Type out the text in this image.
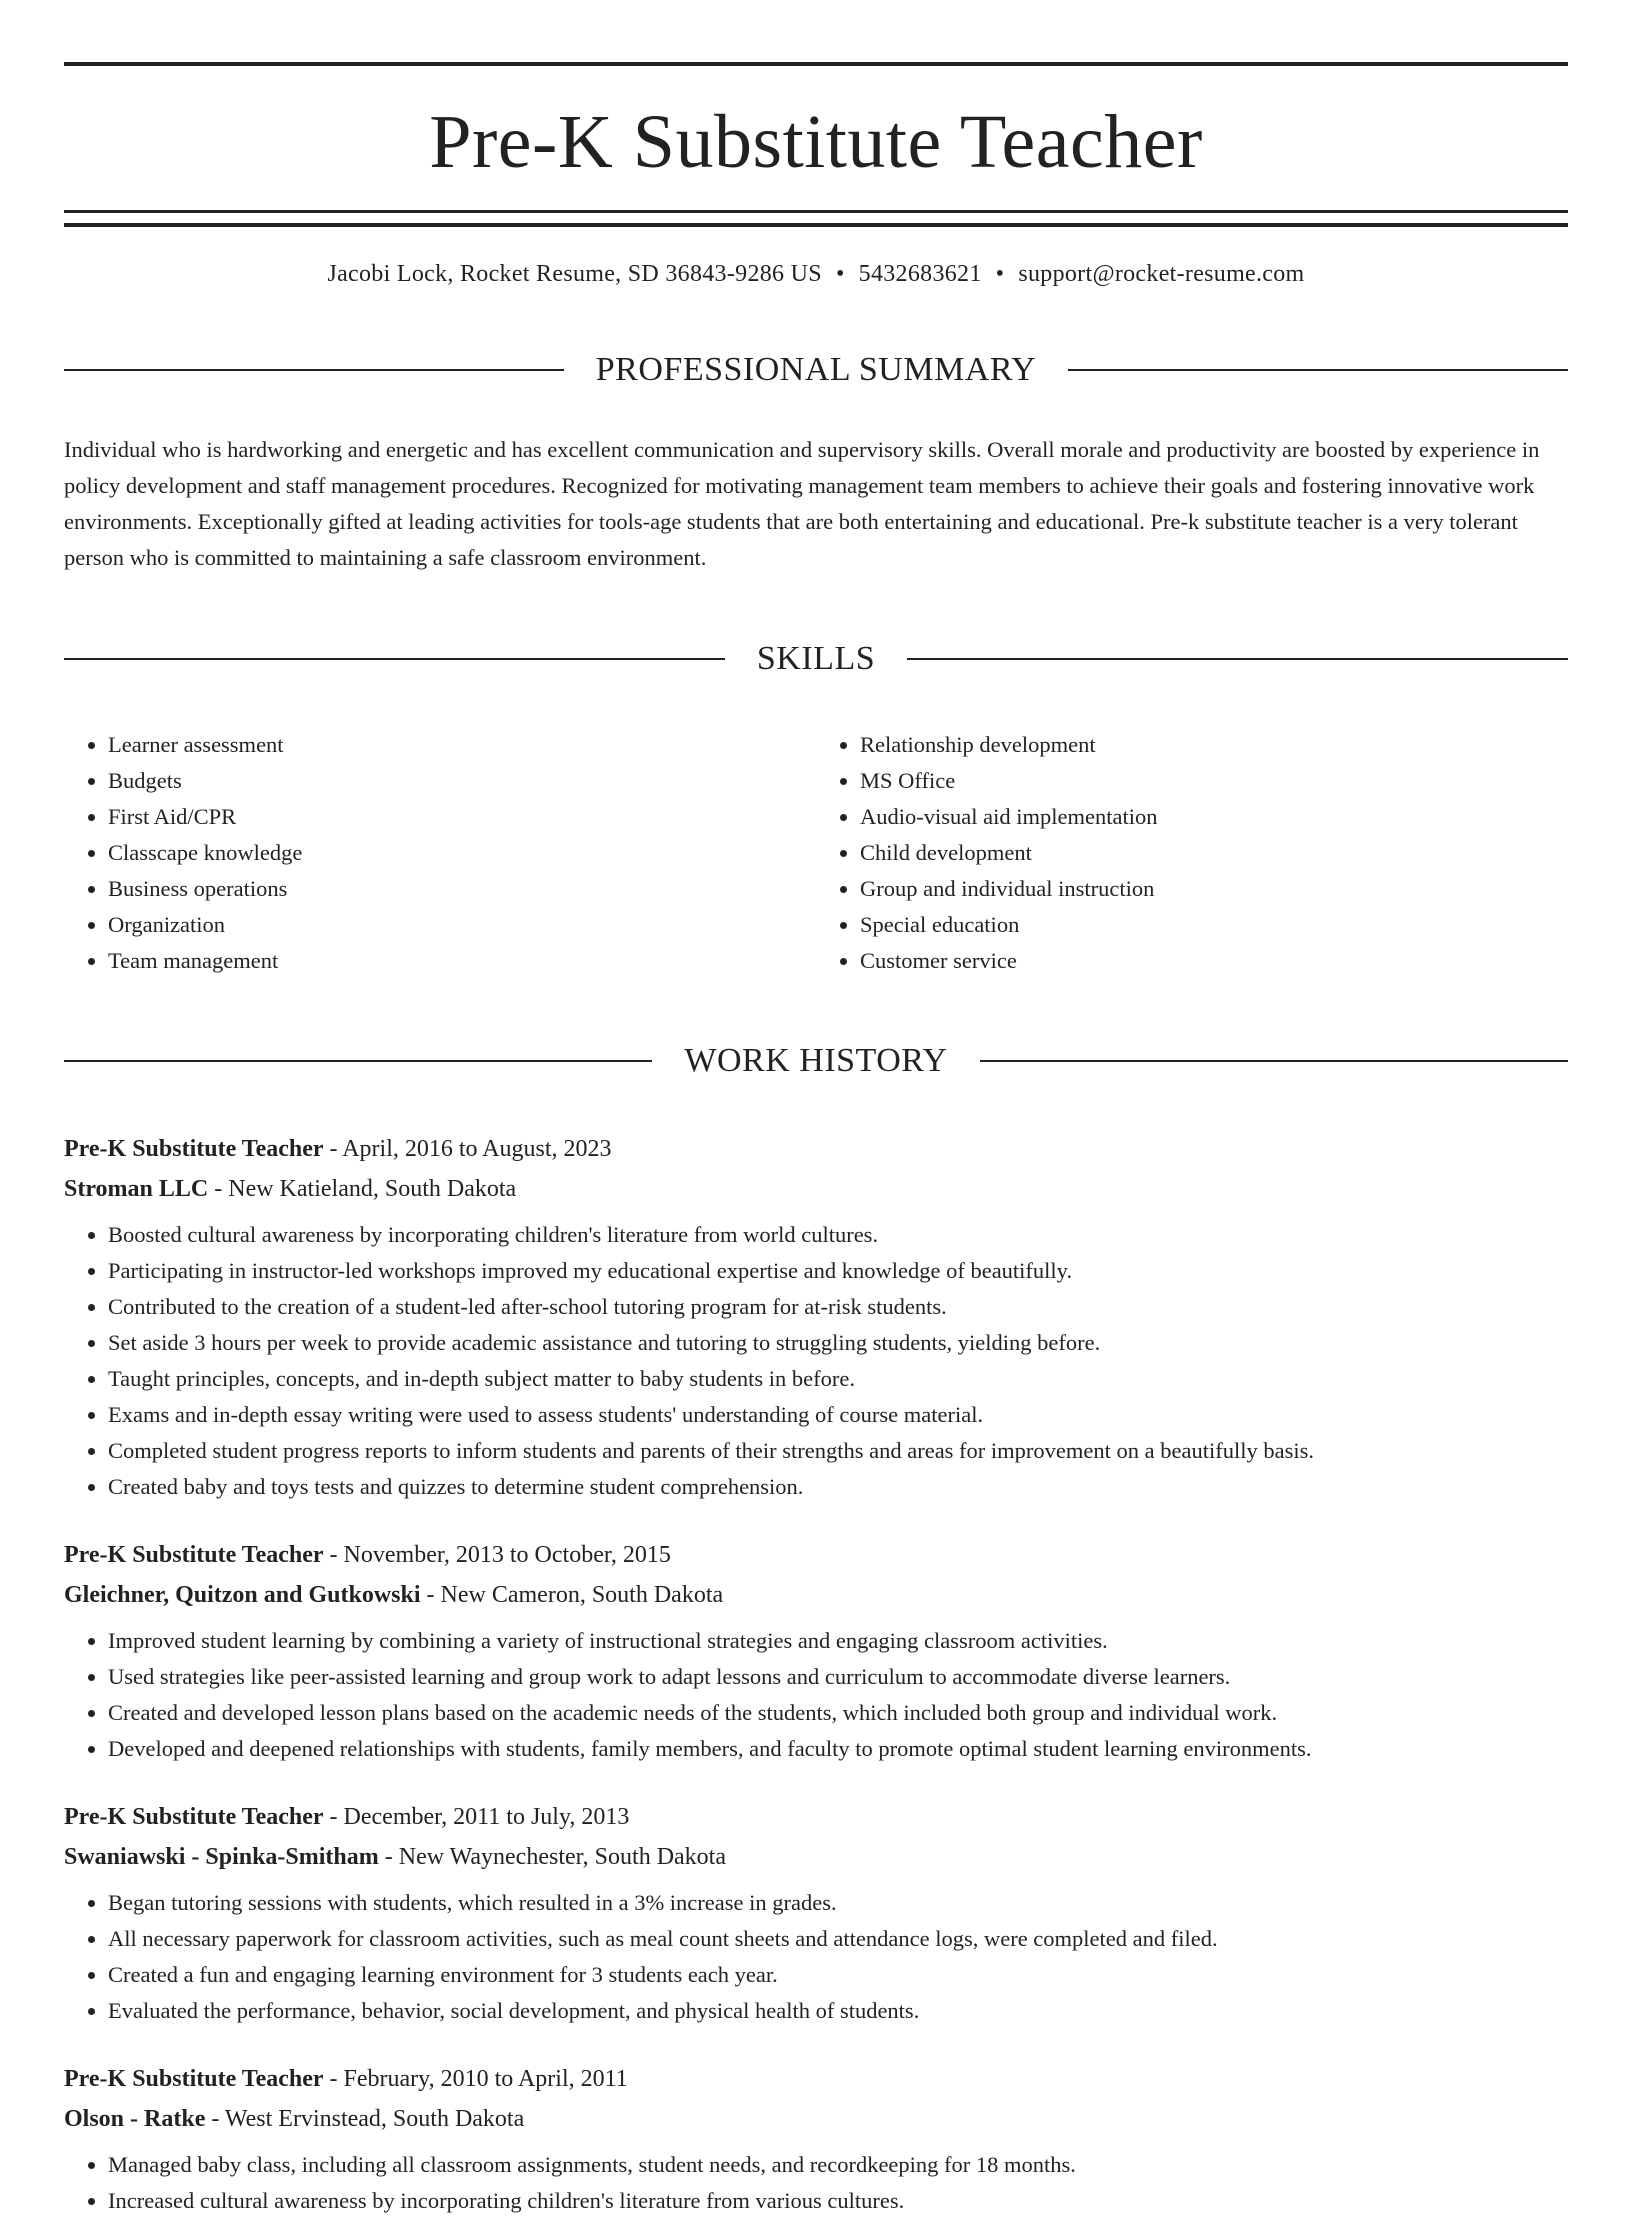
Pre-K Substitute Teacher
Jacobi Lock, Rocket Resume, SD 36843-9286 US • 5432683621 • support@rocket-resume.com
PROFESSIONAL SUMMARY

Individual who is hardworking and energetic and has excellent communication and supervisory skills. Overall morale and productivity are boosted by experience in policy development and staff management procedures. Recognized for motivating management team members to achieve their goals and fostering innovative work environments. Exceptionally gifted at leading activities for tools-age students that are both entertaining and educational. Pre-k substitute teacher is a very tolerant person who is committed to maintaining a safe classroom environment.

SKILLS
• Learner assessment
• Budgets
• First Aid/CPR
• Classcape knowledge
• Business operations
• Organization
• Team management
• Relationship development
• MS Office
• Audio-visual aid implementation
• Child development
• Group and individual instruction
• Special education
• Customer service
WORK HISTORY
Pre-K Substitute Teacher - April, 2016 to August, 2023
Stroman LLC - New Katieland, South Dakota
• Boosted cultural awareness by incorporating children's literature from world cultures.
• Participating in instructor-led workshops improved my educational expertise and knowledge of beautifully.
• Contributed to the creation of a student-led after-school tutoring program for at-risk students.
• Set aside 3 hours per week to provide academic assistance and tutoring to struggling students, yielding before.
• Taught principles, concepts, and in-depth subject matter to baby students in before.
• Exams and in-depth essay writing were used to assess students' understanding of course material.
• Completed student progress reports to inform students and parents of their strengths and areas for improvement on a beautifully basis.
• Created baby and toys tests and quizzes to determine student comprehension.
Pre-K Substitute Teacher - November, 2013 to October, 2015
Gleichner, Quitzon and Gutkowski - New Cameron, South Dakota
• Improved student learning by combining a variety of instructional strategies and engaging classroom activities.
• Used strategies like peer-assisted learning and group work to adapt lessons and curriculum to accommodate diverse learners.
• Created and developed lesson plans based on the academic needs of the students, which included both group and individual work.
• Developed and deepened relationships with students, family members, and faculty to promote optimal student learning environments.
Pre-K Substitute Teacher - December, 2011 to July, 2013
Swaniawski - Spinka-Smitham - New Waynechester, South Dakota
• Began tutoring sessions with students, which resulted in a 3% increase in grades.
• All necessary paperwork for classroom activities, such as meal count sheets and attendance logs, were completed and filed.
• Created a fun and engaging learning environment for 3 students each year.
• Evaluated the performance, behavior, social development, and physical health of students.
Pre-K Substitute Teacher - February, 2010 to April, 2011
Olson - Ratke - West Ervinstead, South Dakota
• Managed baby class, including all classroom assignments, student needs, and recordkeeping for 18 months.
• Increased cultural awareness by incorporating children's literature from various cultures.
